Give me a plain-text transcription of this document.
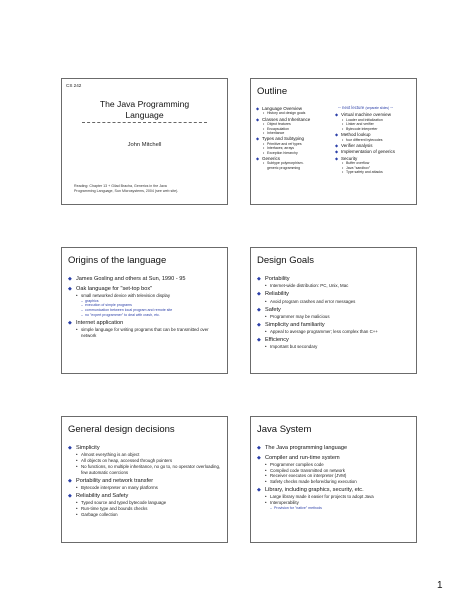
CS 242
The Java Programming
Language
John Mitchell
Reading: Chapter 13 + Gilad Bracha, Generics in the Java
Programming Language, Sun Microsystems, 2004 (see web site).
Outline
◆ Language Overview
• History and design goals
◆ Classes and Inheritance
• Object features
• Encapsulation
• Inheritance
◆ Types and Subtyping
• Primitive and ref types
• Interfaces; arrays
• Exception hierarchy
◆ Generics
• Subtype polymorphism.
generic programming
-- next lecture (separate slides) --
◆ Virtual machine overview
• Loader and initialization
• Linker and verifier
• Bytecode interpreter
◆ Method lookup
• four different bytecodes
◆ Verifier analysis
◆ Implementation of generics
◆ Security
• Buffer overflow
• Java "sandbox"
• Type safety and attacks
Origins of the language
◆ James Gosling and others at Sun, 1990 - 95
◆ Oak language for "set-top box"
• small networked device with television display
– graphics
– execution of simple programs
– communication between local program and remote site
– no "expert programmer" to deal with crash, etc.
◆ Internet application
• simple language for writing programs that can be transmitted over network
Design Goals
◆ Portability
• Internet-wide distribution: PC, Unix, Mac
◆ Reliability
• Avoid program crashes and error messages
◆ Safety
• Programmer may be malicious
◆ Simplicity and familiarity
• Appeal to average programmer; less complex than C++
◆ Efficiency
• Important but secondary
General design decisions
◆ Simplicity
• Almost everything is an object
• All objects on heap, accessed through pointers
• No functions, no multiple inheritance, no go to, no operator overloading, few automatic coercions
◆ Portability and network transfer
• Bytecode interpreter on many platforms
◆ Reliability and Safety
• Typed source and typed bytecode language
• Run-time type and bounds checks
• Garbage collection
Java System
◆ The Java programming language
◆ Compiler and run-time system
• Programmer compiles code
• Compiled code transmitted on network
• Receiver executes on interpreter (JVM)
• Safety checks made before/during execution
◆ Library, including graphics, security, etc.
• Large library made it easier for projects to adopt Java
• Interoperability
– Provision for "native" methods
1
